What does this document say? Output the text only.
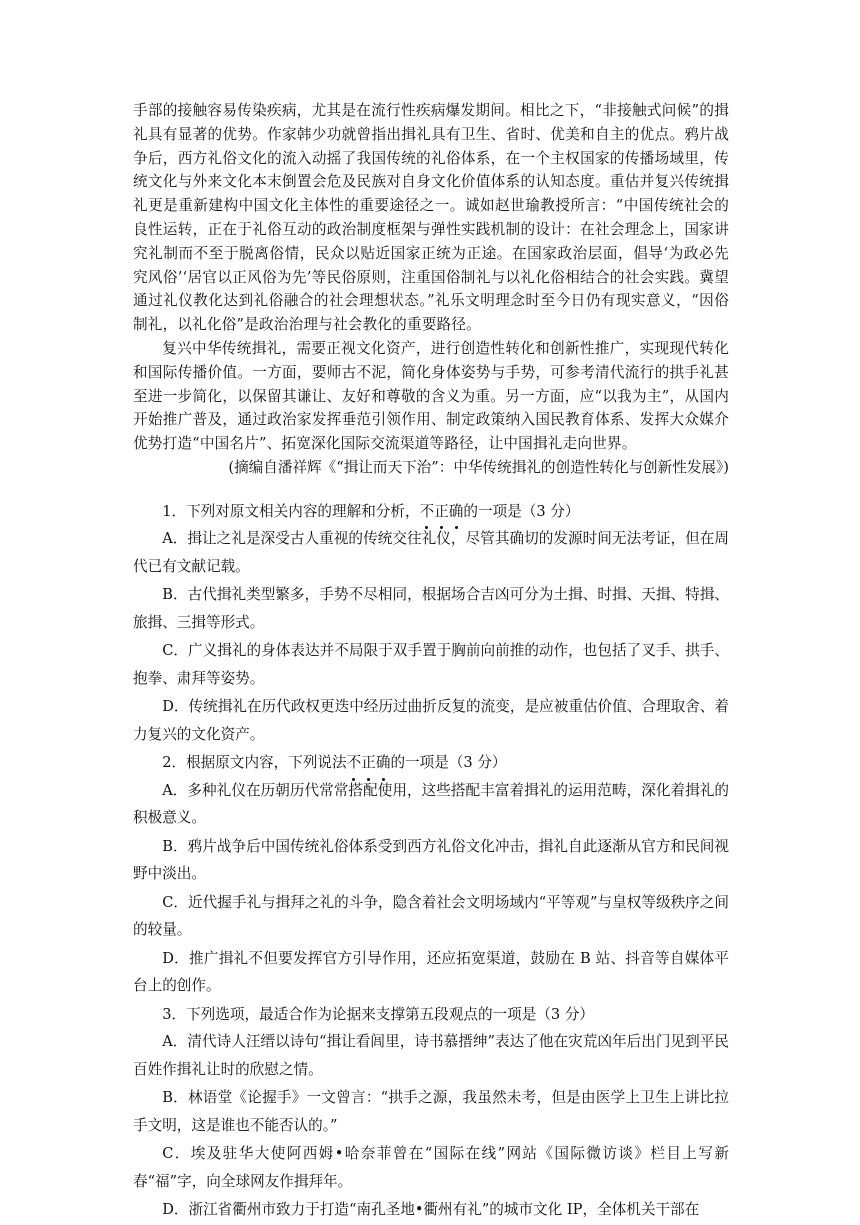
手部的接触容易传染疾病，尤其是在流行性疾病爆发期间。相比之下，“非接触式问候”的揖礼具有显著的优势。作家韩少功就曾指出揖礼具有卫生、省时、优美和自主的优点。鸦片战争后，西方礼俗文化的流入动摇了我国传统的礼俗体系，在一个主权国家的传播场域里，传统文化与外来文化本末倒置会危及民族对自身文化价值体系的认知态度。重估并复兴传统揖礼更是重新建构中国文化主体性的重要途径之一。诚如赵世瑜教授所言：“中国传统社会的良性运转，正在于礼俗互动的政治制度框架与弹性实践机制的设计：在社会理念上，国家讲究礼制而不至于脱离俗情，民众以贴近国家正统为正途。在国家政治层面，倡导‘为政必先究风俗’‘居官以正风俗为先’等民俗原则，注重国俗制礼与以礼化俗相结合的社会实践。冀望通过礼仪教化达到礼俗融合的社会理想状态。”礼乐文明理念时至今日仍有现实意义，“因俗制礼，以礼化俗”是政治治理与社会教化的重要路径。

复兴中华传统揖礼，需要正视文化资产，进行创造性转化和创新性推广，实现现代转化和国际传播价值。一方面，要师古不泥，简化身体姿势与手势，可参考清代流行的拱手礼甚至进一步简化，以保留其谦让、友好和尊敬的含义为重。另一方面，应“以我为主”，从国内开始推广普及，通过政治家发挥垂范引领作用、制定政策纳入国民教育体系、发挥大众媒介优势打造“中国名片”、拓宽深化国际交流渠道等路径，让中国揖礼走向世界。

(摘编自潘祥辉《“揖让而天下治”：中华传统揖礼的创造性转化与创新性发展》)

1．下列对原文相关内容的理解和分析，不正确的一项是（3 分）

A．揖让之礼是深受古人重视的传统交往礼仪，尽管其确切的发源时间无法考证，但在周代已有文献记载。

B．古代揖礼类型繁多，手势不尽相同，根据场合吉凶可分为土揖、时揖、天揖、特揖、旅揖、三揖等形式。

C．广义揖礼的身体表达并不局限于双手置于胸前向前推的动作，也包括了叉手、拱手、抱拳、肃拜等姿势。

D．传统揖礼在历代政权更迭中经历过曲折反复的流变，是应被重估价值、合理取舍、着力复兴的文化资产。

2．根据原文内容，下列说法不正确的一项是（3 分）

A．多种礼仪在历朝历代常常搭配使用，这些搭配丰富着揖礼的运用范畴，深化着揖礼的积极意义。

B．鸦片战争后中国传统礼俗体系受到西方礼俗文化冲击，揖礼自此逐渐从官方和民间视野中淡出。

C．近代握手礼与揖拜之礼的斗争，隐含着社会文明场域内“平等观”与皇权等级秩序之间的较量。

D．推广揖礼不但要发挥官方引导作用，还应拓宽渠道，鼓励在 B 站、抖音等自媒体平台上的创作。

3．下列选项，最适合作为论据来支撑第五段观点的一项是（3 分）

A．清代诗人汪缙以诗句“揖让看闾里，诗书慕搢绅”表达了他在灾荒凶年后出门见到平民百姓作揖礼让时的欣慰之情。

B．林语堂《论握手》一文曾言：“拱手之源，我虽然未考，但是由医学上卫生上讲比拉手文明，这是谁也不能否认的。”

C．埃及驻华大使阿西姆•哈奈菲曾在“国际在线”网站《国际微访谈》栏目上写新春“福”字，向全球网友作揖拜年。

D．浙江省衢州市致力于打造“南孔圣地•衢州有礼”的城市文化 IP，全体机关干部在
